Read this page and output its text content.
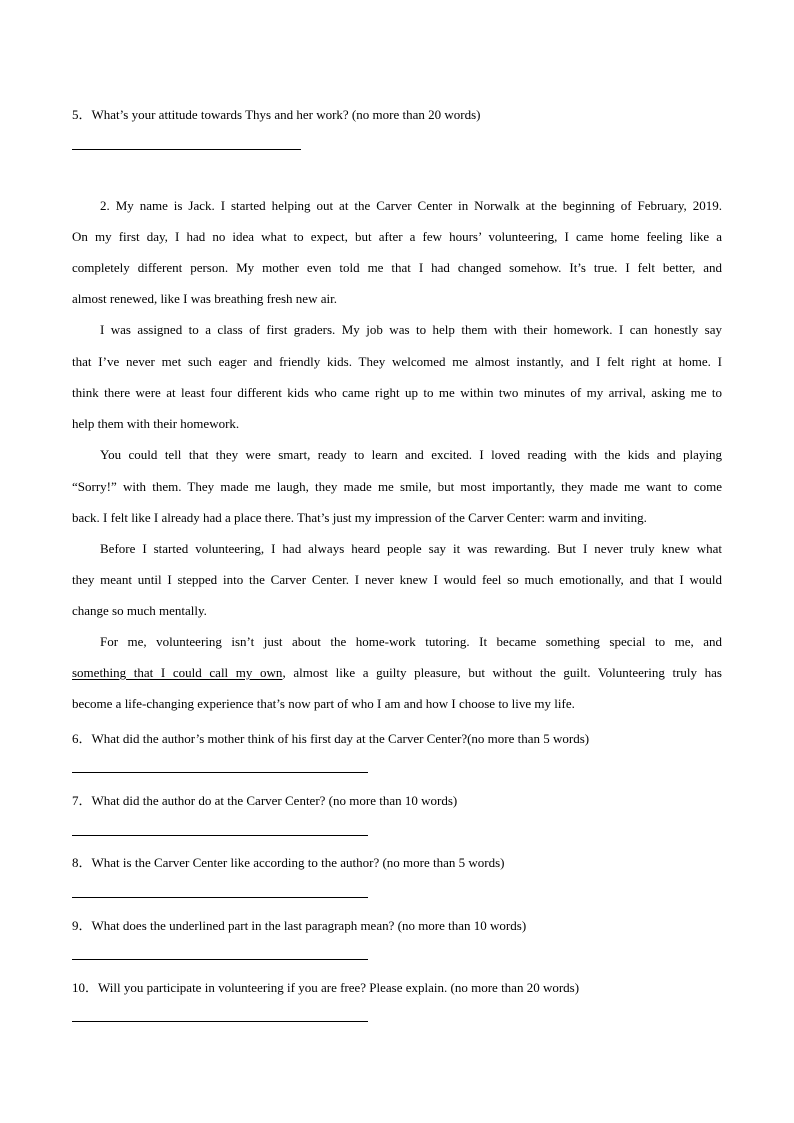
5．What’s your attitude towards Thys and her work? (no more than 20 words)
2. My name is Jack. I started helping out at the Carver Center in Norwalk at the beginning of February, 2019.
On my first day, I had no idea what to expect, but after a few hours’ volunteering, I came home feeling like a
completely different person. My mother even told me that I had changed somehow. It’s true. I felt better, and
almost renewed, like I was breathing fresh new air.
I was assigned to a class of first graders. My job was to help them with their homework. I can honestly say
that I’ve never met such eager and friendly kids. They welcomed me almost instantly, and I felt right at home. I
think there were at least four different kids who came right up to me within two minutes of my arrival, asking me to
help them with their homework.
You could tell that they were smart, ready to learn and excited. I loved reading with the kids and playing
“Sorry!” with them. They made me laugh, they made me smile, but most importantly, they made me want to come
back. I felt like I already had a place there. That’s just my impression of the Carver Center: warm and inviting.
Before I started volunteering, I had always heard people say it was rewarding. But I never truly knew what
they meant until I stepped into the Carver Center. I never knew I would feel so much emotionally, and that I would
change so much mentally.
For me, volunteering isn’t just about the home-work tutoring. It became something special to me, and
something that I could call my own, almost like a guilty pleasure, but without the guilt. Volunteering truly has
become a life-changing experience that’s now part of who I am and how I choose to live my life.
6．What did the author’s mother think of his first day at the Carver Center?(no more than 5 words)
7．What did the author do at the Carver Center? (no more than 10 words)
8．What is the Carver Center like according to the author? (no more than 5 words)
9．What does the underlined part in the last paragraph mean? (no more than 10 words)
10．Will you participate in volunteering if you are free? Please explain. (no more than 20 words)
